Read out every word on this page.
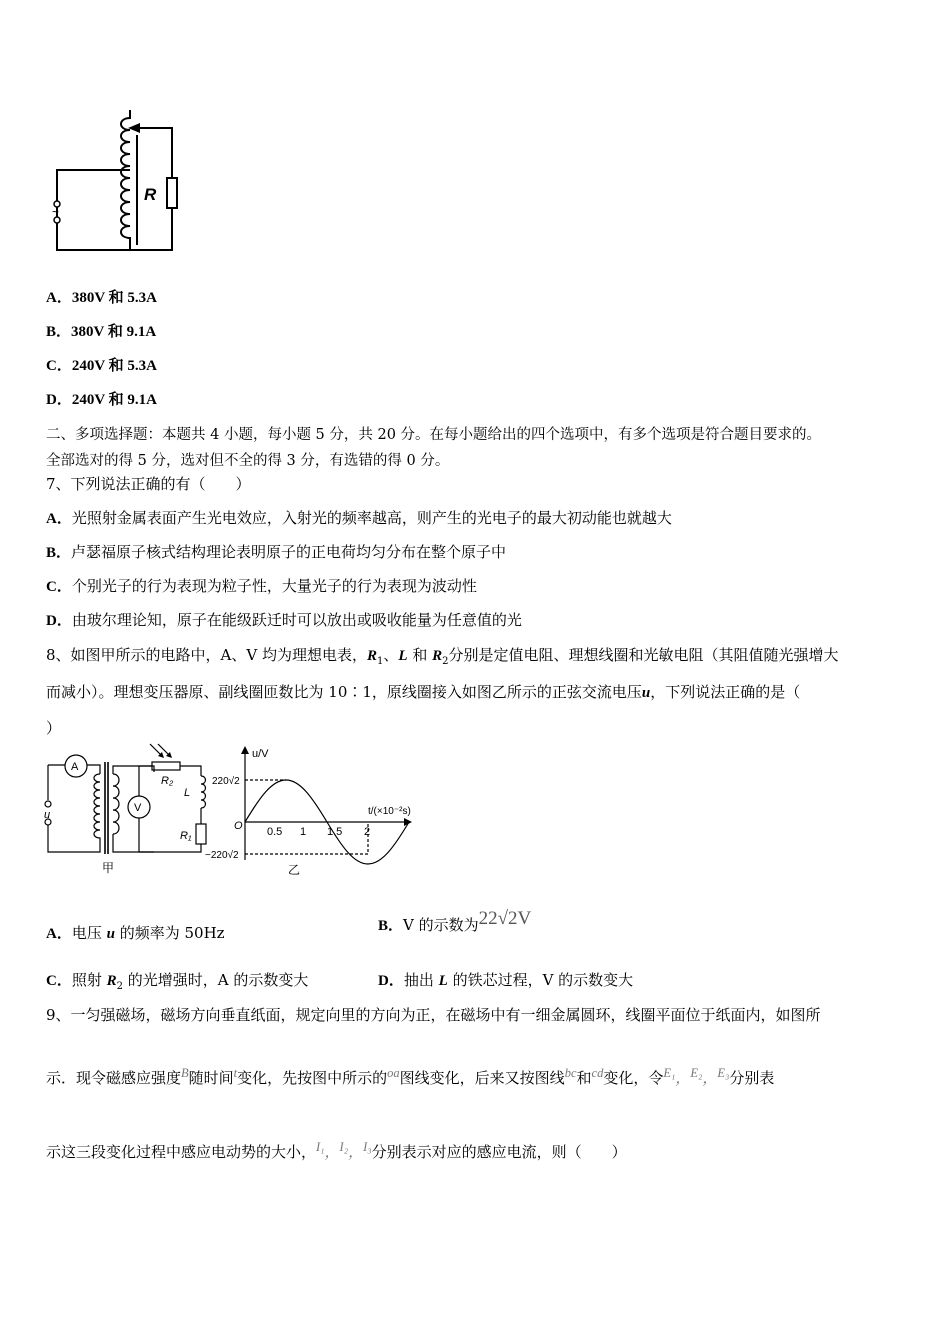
~
R
A．380V 和 5.3A
B．380V 和 9.1A
C．240V 和 5.3A
D．240V 和 9.1A
二、多项选择题：本题共 4 小题，每小题 5 分，共 20 分。在每小题给出的四个选项中，有多个选项是符合题目要求的。
全部选对的得 5 分，选对但不全的得 3 分，有选错的得 0 分。
7、下列说法正确的有（　　）
A．光照射金属表面产生光电效应，入射光的频率越高，则产生的光电子的最大初动能也就越大
B．卢瑟福原子核式结构理论表明原子的正电荷均匀分布在整个原子中
C．个别光子的行为表现为粒子性，大量光子的行为表现为波动性
D．由玻尔理论知，原子在能级跃迁时可以放出或吸收能量为任意值的光
8、如图甲所示的电路中，A、V 均为理想电表，$R_1$、L 和 $R_2$分别是定值电阻、理想线圈和光敏电阻（其阻值随光强增大
而减小）。理想变压器原、副线圈匝数比为 10∶1，原线圈接入如图乙所示的正弦交流电压u，下列说法正确的是（
）
A
V
R₂
L
R₁
u
甲
u/V
t/(×10⁻²s)
O
220√2
−220√2
0.5 1 1.5 2
乙
A．电压 u 的频率为 50Hz	B．V 的示数为22√2V
C．照射 $R_2$ 的光增强时，A 的示数变大	D．抽出 L 的铁芯过程，V 的示数变大
9、一匀强磁场，磁场方向垂直纸面，规定向里的方向为正，在磁场中有一细金属圆环，线圈平面位于纸面内，如图所
示．现令磁感应强度$^B$随时间$^t$变化，先按图中所示的$^{oa}$图线变化，后来又按图线$^{bc}$和$^{cd}$变化，令$^{E_1}$，$^{E_2}$，$^{E_3}$分别表
示这三段变化过程中感应电动势的大小，$^{I_1}$，$^{I_2}$，$^{I_3}$分别表示对应的感应电流，则（　　）
